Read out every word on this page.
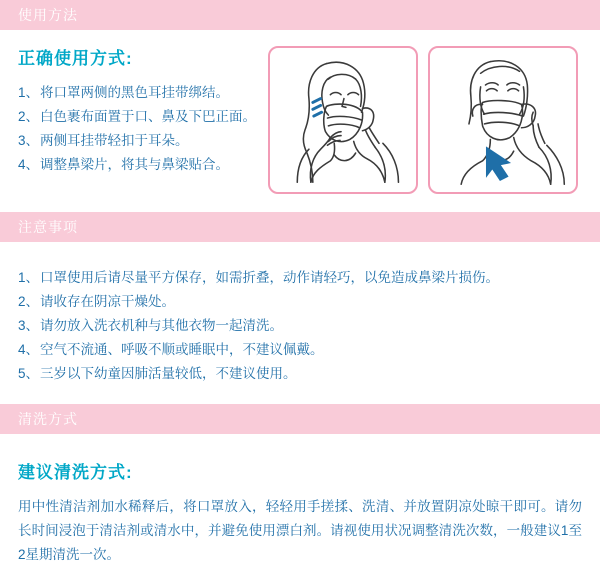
使用方法
正确使用方式:
1、将口罩两侧的黑色耳挂带绑结。
2、白色裹布面置于口、鼻及下巴正面。
3、两侧耳挂带轻扣于耳朵。
4、调整鼻梁片，将其与鼻梁贴合。
注意事项
1、口罩使用后请尽量平方保存，如需折叠，动作请轻巧，以免造成鼻梁片损伤。
2、请收存在阴凉干燥处。
3、请勿放入洗衣机种与其他衣物一起清洗。
4、空气不流通、呼吸不顺或睡眠中，不建议佩戴。
5、三岁以下幼童因肺活量较低，不建议使用。
清洗方式
建议清洗方式:

用中性清洁剂加水稀释后，将口罩放入，轻轻用手搓揉、洗清、并放置阴凉处晾干即可。请勿长时间浸泡于清洁剂或清水中，并避免使用漂白剂。请视使用状况调整清洗次数，一般建议1至2星期清洗一次。
